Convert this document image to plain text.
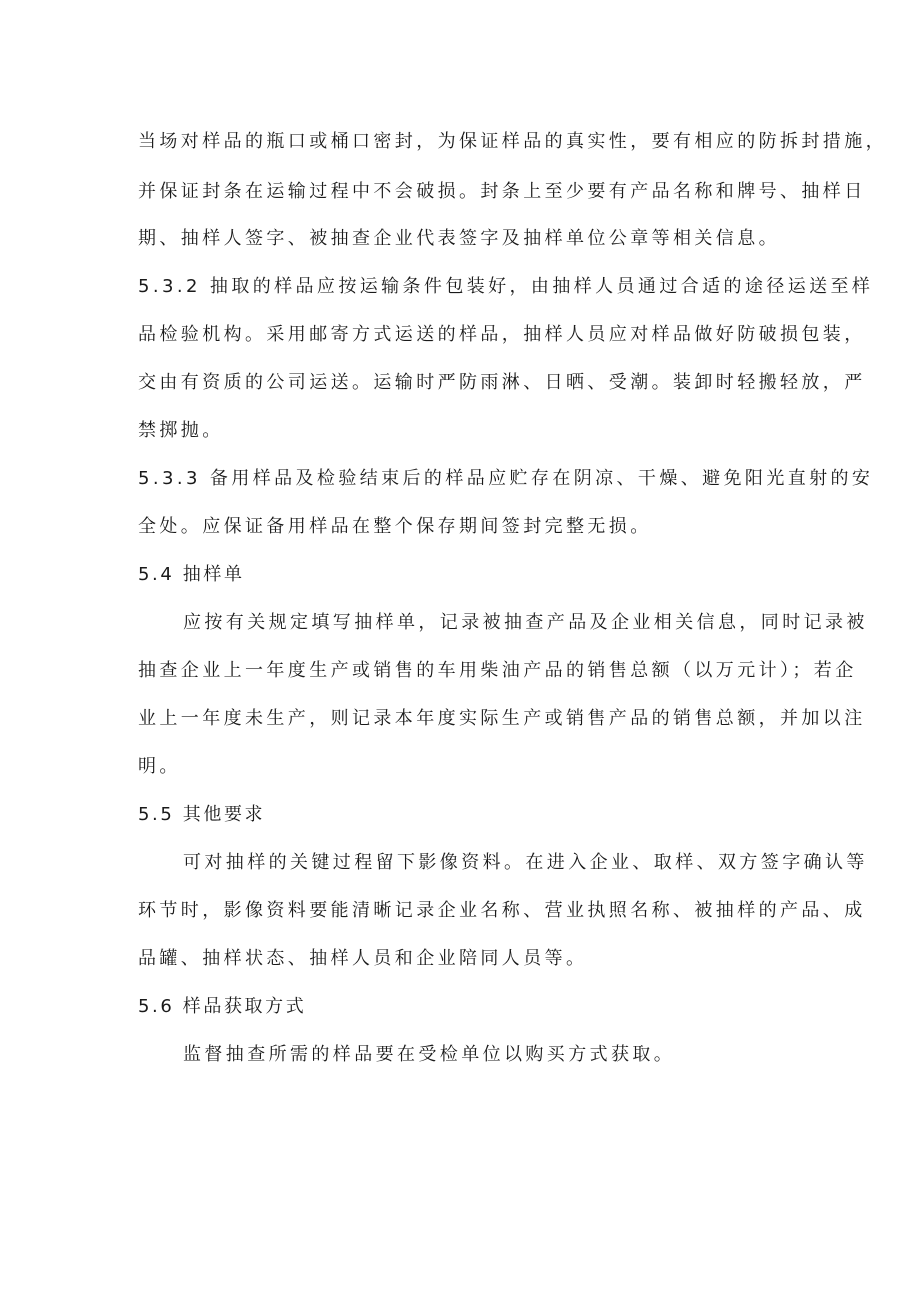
当场对样品的瓶口或桶口密封，为保证样品的真实性，要有相应的防拆封措施，
并保证封条在运输过程中不会破损。封条上至少要有产品名称和牌号、抽样日
期、抽样人签字、被抽查企业代表签字及抽样单位公章等相关信息。
5.3.2 抽取的样品应按运输条件包装好，由抽样人员通过合适的途径运送至样
品检验机构。采用邮寄方式运送的样品，抽样人员应对样品做好防破损包装，
交由有资质的公司运送。运输时严防雨淋、日晒、受潮。装卸时轻搬轻放，严
禁掷抛。
5.3.3 备用样品及检验结束后的样品应贮存在阴凉、干燥、避免阳光直射的安
全处。应保证备用样品在整个保存期间签封完整无损。
5.4 抽样单
应按有关规定填写抽样单，记录被抽查产品及企业相关信息，同时记录被
抽查企业上一年度生产或销售的车用柴油产品的销售总额（以万元计）；若企
业上一年度未生产，则记录本年度实际生产或销售产品的销售总额，并加以注
明。
5.5 其他要求
可对抽样的关键过程留下影像资料。在进入企业、取样、双方签字确认等
环节时，影像资料要能清晰记录企业名称、营业执照名称、被抽样的产品、成
品罐、抽样状态、抽样人员和企业陪同人员等。
5.6 样品获取方式
监督抽查所需的样品要在受检单位以购买方式获取。
